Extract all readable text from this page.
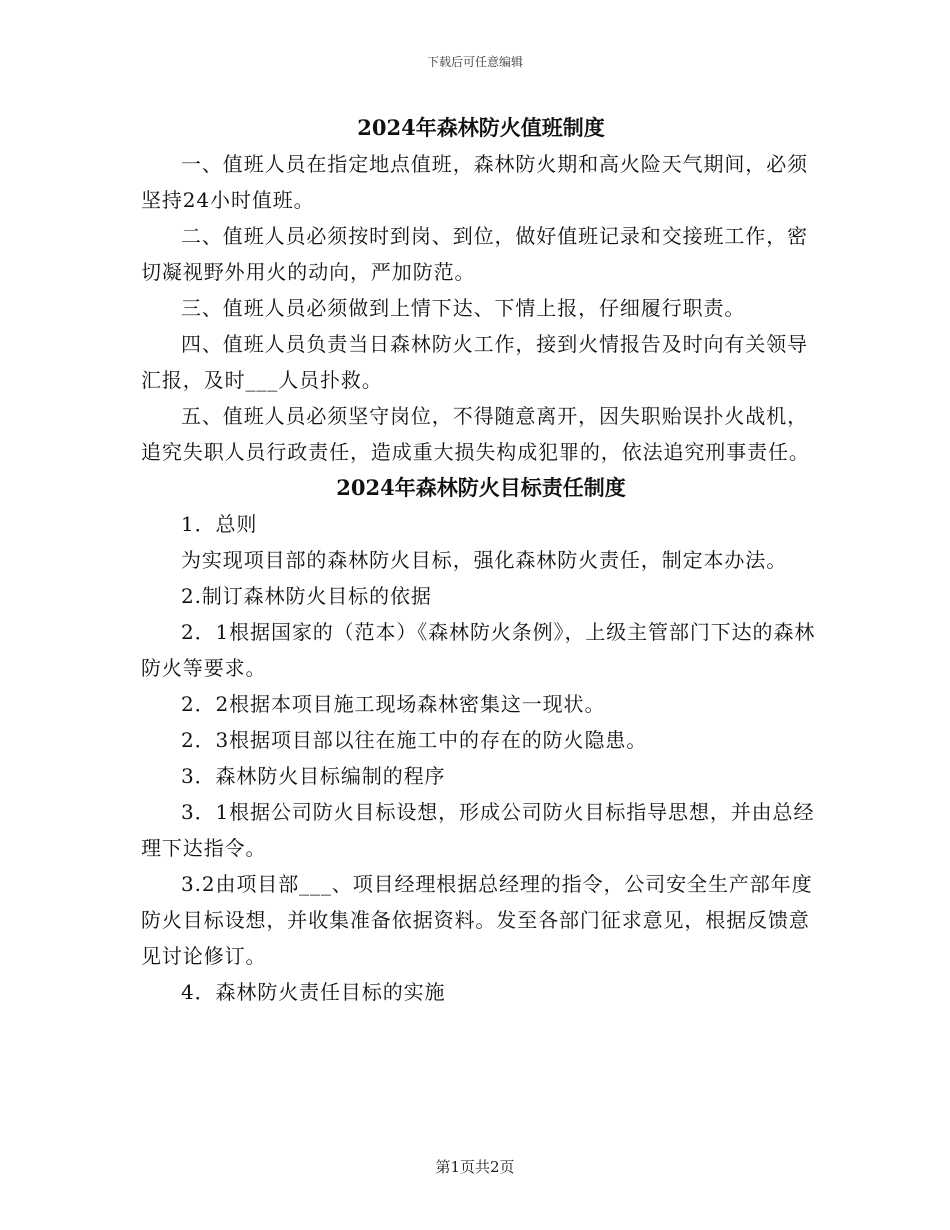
下载后可任意编辑
2024年森林防火值班制度

一、值班人员在指定地点值班，森林防火期和高火险天气期间，必须坚持24小时值班。

二、值班人员必须按时到岗、到位，做好值班记录和交接班工作，密切凝视野外用火的动向，严加防范。

三、值班人员必须做到上情下达、下情上报，仔细履行职责。

四、值班人员负责当日森林防火工作，接到火情报告及时向有关领导汇报，及时___人员扑救。

五、值班人员必须坚守岗位，不得随意离开，因失职贻误扑火战机，追究失职人员行政责任，造成重大损失构成犯罪的，依法追究刑事责任。

2024年森林防火目标责任制度

1．总则

为实现项目部的森林防火目标，强化森林防火责任，制定本办法。

2.制订森林防火目标的依据

2．1根据国家的（范本）《森林防火条例》，上级主管部门下达的森林防火等要求。

2．2根据本项目施工现场森林密集这一现状。

2．3根据项目部以往在施工中的存在的防火隐患。

3．森林防火目标编制的程序

3．1根据公司防火目标设想，形成公司防火目标指导思想，并由总经理下达指令。

3.2由项目部___、项目经理根据总经理的指令，公司安全生产部年度防火目标设想，并收集准备依据资料。发至各部门征求意见，根据反馈意见讨论修订。

4．森林防火责任目标的实施

第1页共2页
